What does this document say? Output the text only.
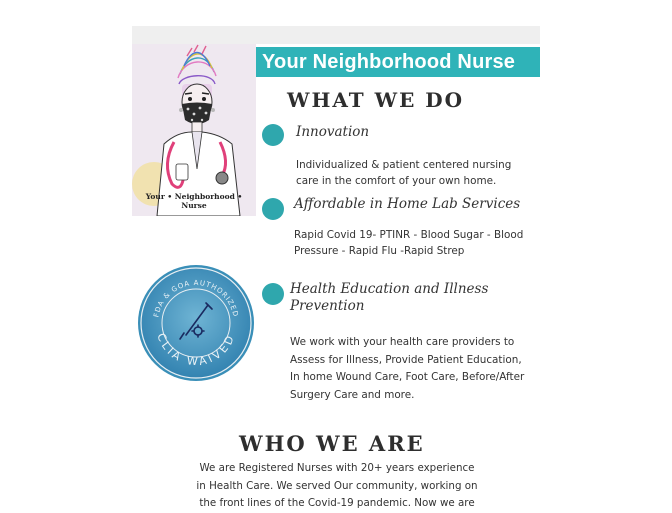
Your • Neighborhood • Nurse
Your Neighborhood Nurse
WHAT WE DO
Innovation
Individualized & patient centered nursing
care in the comfort of your own home.
Affordable in Home Lab Services
Rapid Covid 19- PTINR - Blood Sugar - Blood
Pressure - Rapid Flu -Rapid Strep
Health Education and Illness
Prevention
We work with your health care providers to
Assess for Illness, Provide Patient Education,
In home Wound Care, Foot Care, Before/After
Surgery Care and more.
FDA & GOA AUTHORIZED
CLIA WAIVED
WHO WE ARE
We are Registered Nurses with 20+ years experience
in Health Care. We served Our community, working on
the front lines of the Covid-19 pandemic. Now we are
